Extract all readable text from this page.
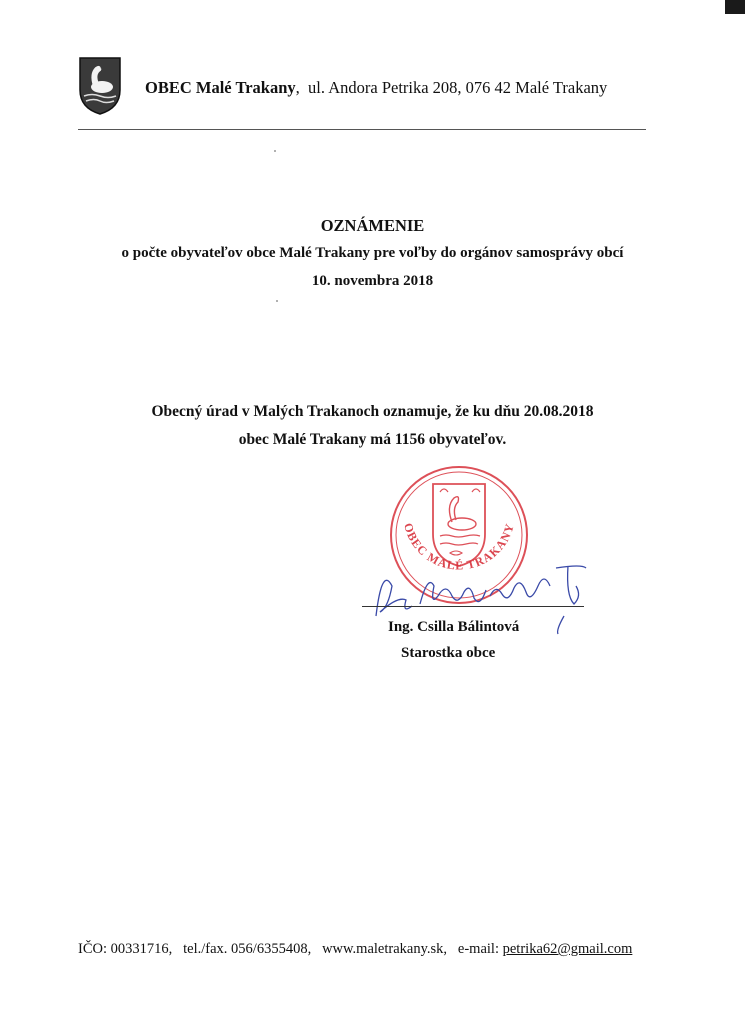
OBEC Malé Trakany,  ul. Andora Petrika 208, 076 42 Malé Trakany
OZNÁMENIE
o počte obyvateľov obce Malé Trakany pre voľby do orgánov samosprávy obcí
10. novembra 2018
Obecný úrad v Malých Trakanoch oznamuje, že ku dňu 20.08.2018
obec Malé Trakany má 1156 obyvateľov.
OBEC MALÉ TRAKANY
Ing. Csilla Bálintová
Starostka obce
IČO: 00331716, tel./fax. 056/6355408, www.maletrakany.sk, e-mail: petrika62@gmail.com
